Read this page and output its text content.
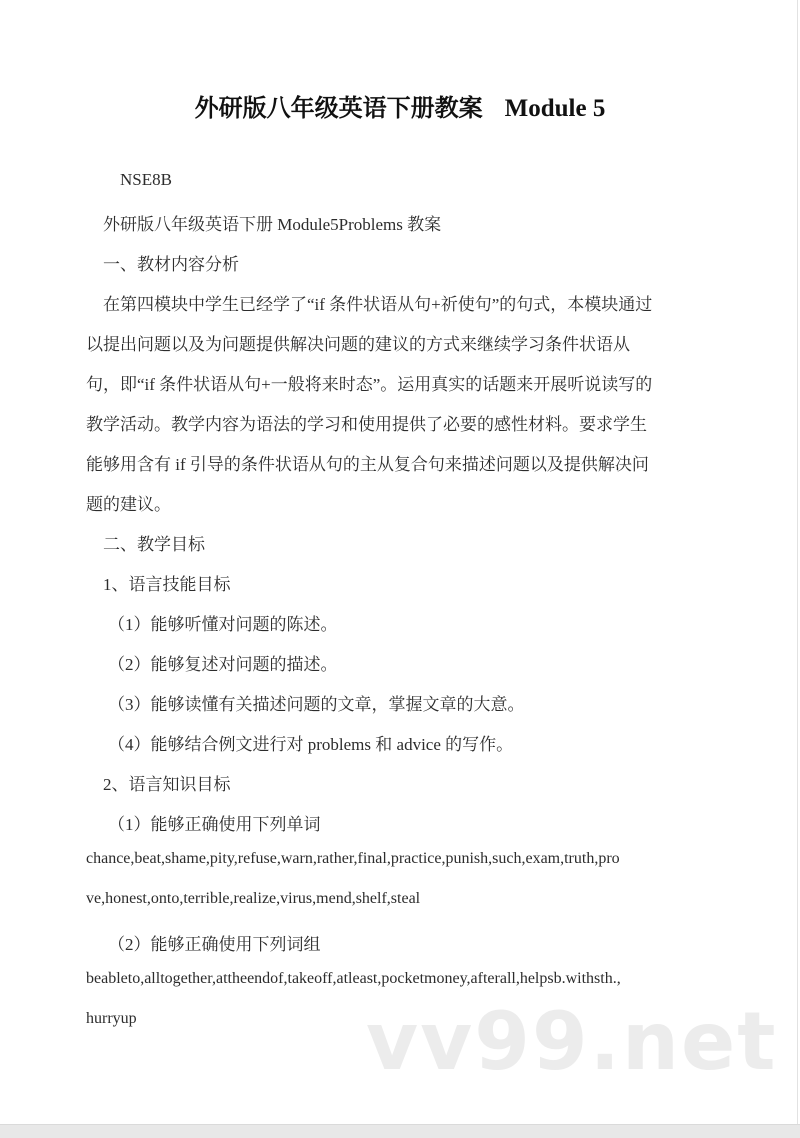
外研版八年级英语下册教案 Module 5
NSE8B
外研版八年级英语下册 Module5Problems 教案
一、教材内容分析
在第四模块中学生已经学了“if 条件状语从句+祈使句”的句式，本模块通过
以提出问题以及为问题提供解决问题的建议的方式来继续学习条件状语从
句，即“if 条件状语从句+一般将来时态”。运用真实的话题来开展听说读写的
教学活动。教学内容为语法的学习和使用提供了必要的感性材料。要求学生
能够用含有 if 引导的条件状语从句的主从复合句来描述问题以及提供解决问
题的建议。
二、教学目标
1、语言技能目标
（1）能够听懂对问题的陈述。
（2）能够复述对问题的描述。
（3）能够读懂有关描述问题的文章，掌握文章的大意。
（4）能够结合例文进行对 problems 和 advice 的写作。
2、语言知识目标
（1）能够正确使用下列单词
chance,beat,shame,pity,refuse,warn,rather,final,practice,punish,such,exam,truth,pro
ve,honest,onto,terrible,realize,virus,mend,shelf,steal
（2）能够正确使用下列词组
beableto,alltogether,attheendof,takeoff,atleast,pocketmoney,afterall,helpsb.withsth.,
hurryup	vv99.net
